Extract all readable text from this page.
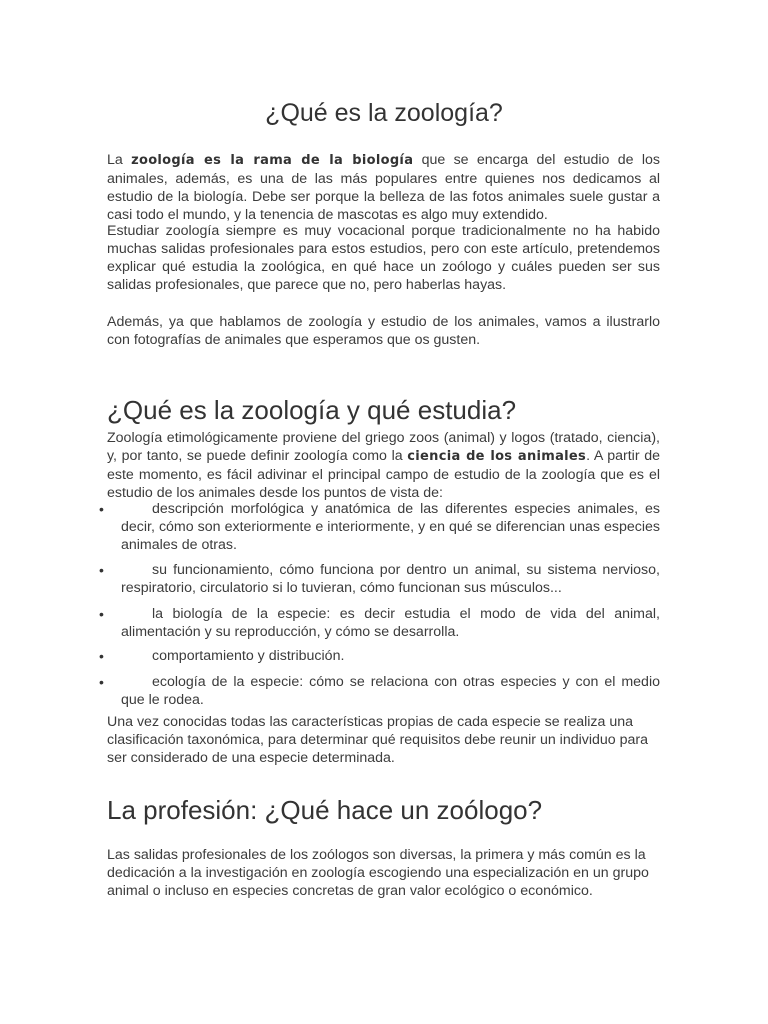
¿Qué es la zoología?

La zoología es la rama de la biología que se encarga del estudio de los animales, además, es una de las más populares entre quienes nos dedicamos al estudio de la biología. Debe ser porque la belleza de las fotos animales suele gustar a casi todo el mundo, y la tenencia de mascotas es algo muy extendido.

Estudiar zoología siempre es muy vocacional porque tradicionalmente no ha habido muchas salidas profesionales para estos estudios, pero con este artículo, pretendemos explicar qué estudia la zoológica, en qué hace un zoólogo y cuáles pueden ser sus salidas profesionales, que parece que no, pero haberlas hayas.

Además, ya que hablamos de zoología y estudio de los animales, vamos a ilustrarlo con fotografías de animales que esperamos que os gusten.

¿Qué es la zoología y qué estudia?

Zoología etimológicamente proviene del griego zoos (animal) y logos (tratado, ciencia), y, por tanto, se puede definir zoología como la ciencia de los animales. A partir de este momento, es fácil adivinar el principal campo de estudio de la zoología que es el estudio de los animales desde los puntos de vista de:

•	descripción morfológica y anatómica de las diferentes especies animales, es decir, cómo son exteriormente e interiormente, y en qué se diferencian unas especies animales de otras.

•	su funcionamiento, cómo funciona por dentro un animal, su sistema nervioso, respiratorio, circulatorio si lo tuvieran, cómo funcionan sus músculos...

•	la biología de la especie: es decir estudia el modo de vida del animal, alimentación y su reproducción, y cómo se desarrolla.

•	comportamiento y distribución.

•	ecología de la especie: cómo se relaciona con otras especies y con el medio que le rodea.

Una vez conocidas todas las características propias de cada especie se realiza una clasificación taxonómica, para determinar qué requisitos debe reunir un individuo para ser considerado de una especie determinada.

La profesión: ¿Qué hace un zoólogo?

Las salidas profesionales de los zoólogos son diversas, la primera y más común es la dedicación a la investigación en zoología escogiendo una especialización en un grupo animal o incluso en especies concretas de gran valor ecológico o económico.
